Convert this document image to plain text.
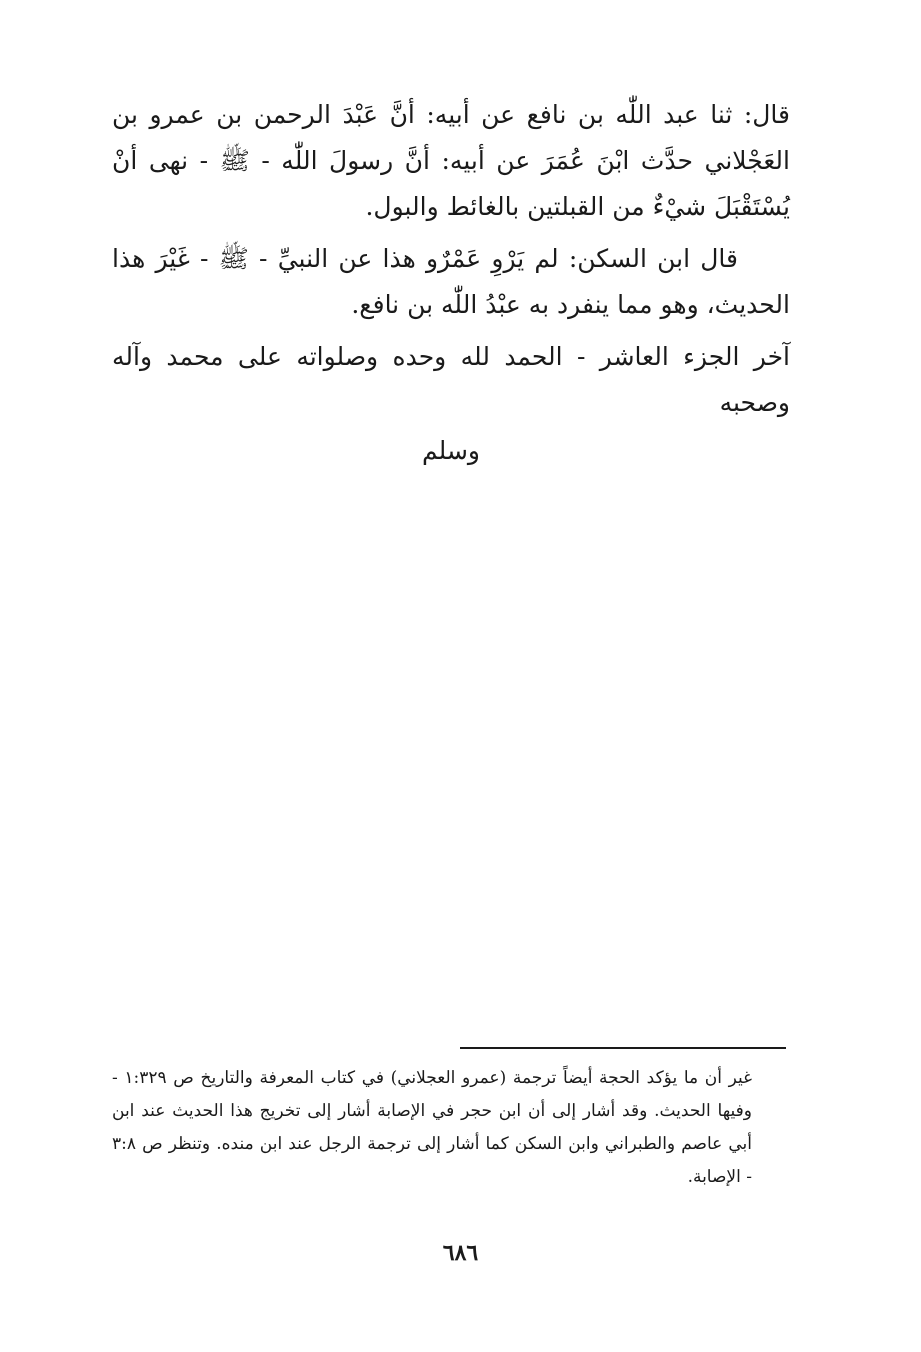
قال: ثنا عبد اللّٰه بن نافع عن أبيه: أنَّ عَبْدَ الرحمن بن عمرو بن العَجْلاني حدَّث ابْنَ عُمَرَ عن أبيه: أنَّ رسولَ اللّٰه - ﷺ - نهى أنْ يُسْتَقْبَلَ شيْءٌ من القبلتين بالغائط والبول.

قال ابن السكن: لم يَرْوِ عَمْرٌو هذا عن النبيِّ - ﷺ - غَيْرَ هذا الحديث، وهو مما ينفرد به عبْدُ اللّٰه بن نافع.

آخر الجزء العاشر - الحمد لله وحده وصلواته على محمد وآله وصحبه

وسلم

غير أن ما يؤكد الحجة أيضاً ترجمة (عمرو العجلاني) في كتاب المعرفة والتاريخ ص ١:٣٢٩ - وفيها الحديث. وقد أشار إلى أن ابن حجر في الإصابة أشار إلى تخريج هذا الحديث عند ابن أبي عاصم والطبراني وابن السكن كما أشار إلى ترجمة الرجل عند ابن منده. وتنظر ص ٣:٨ - الإصابة.

٦٨٦
